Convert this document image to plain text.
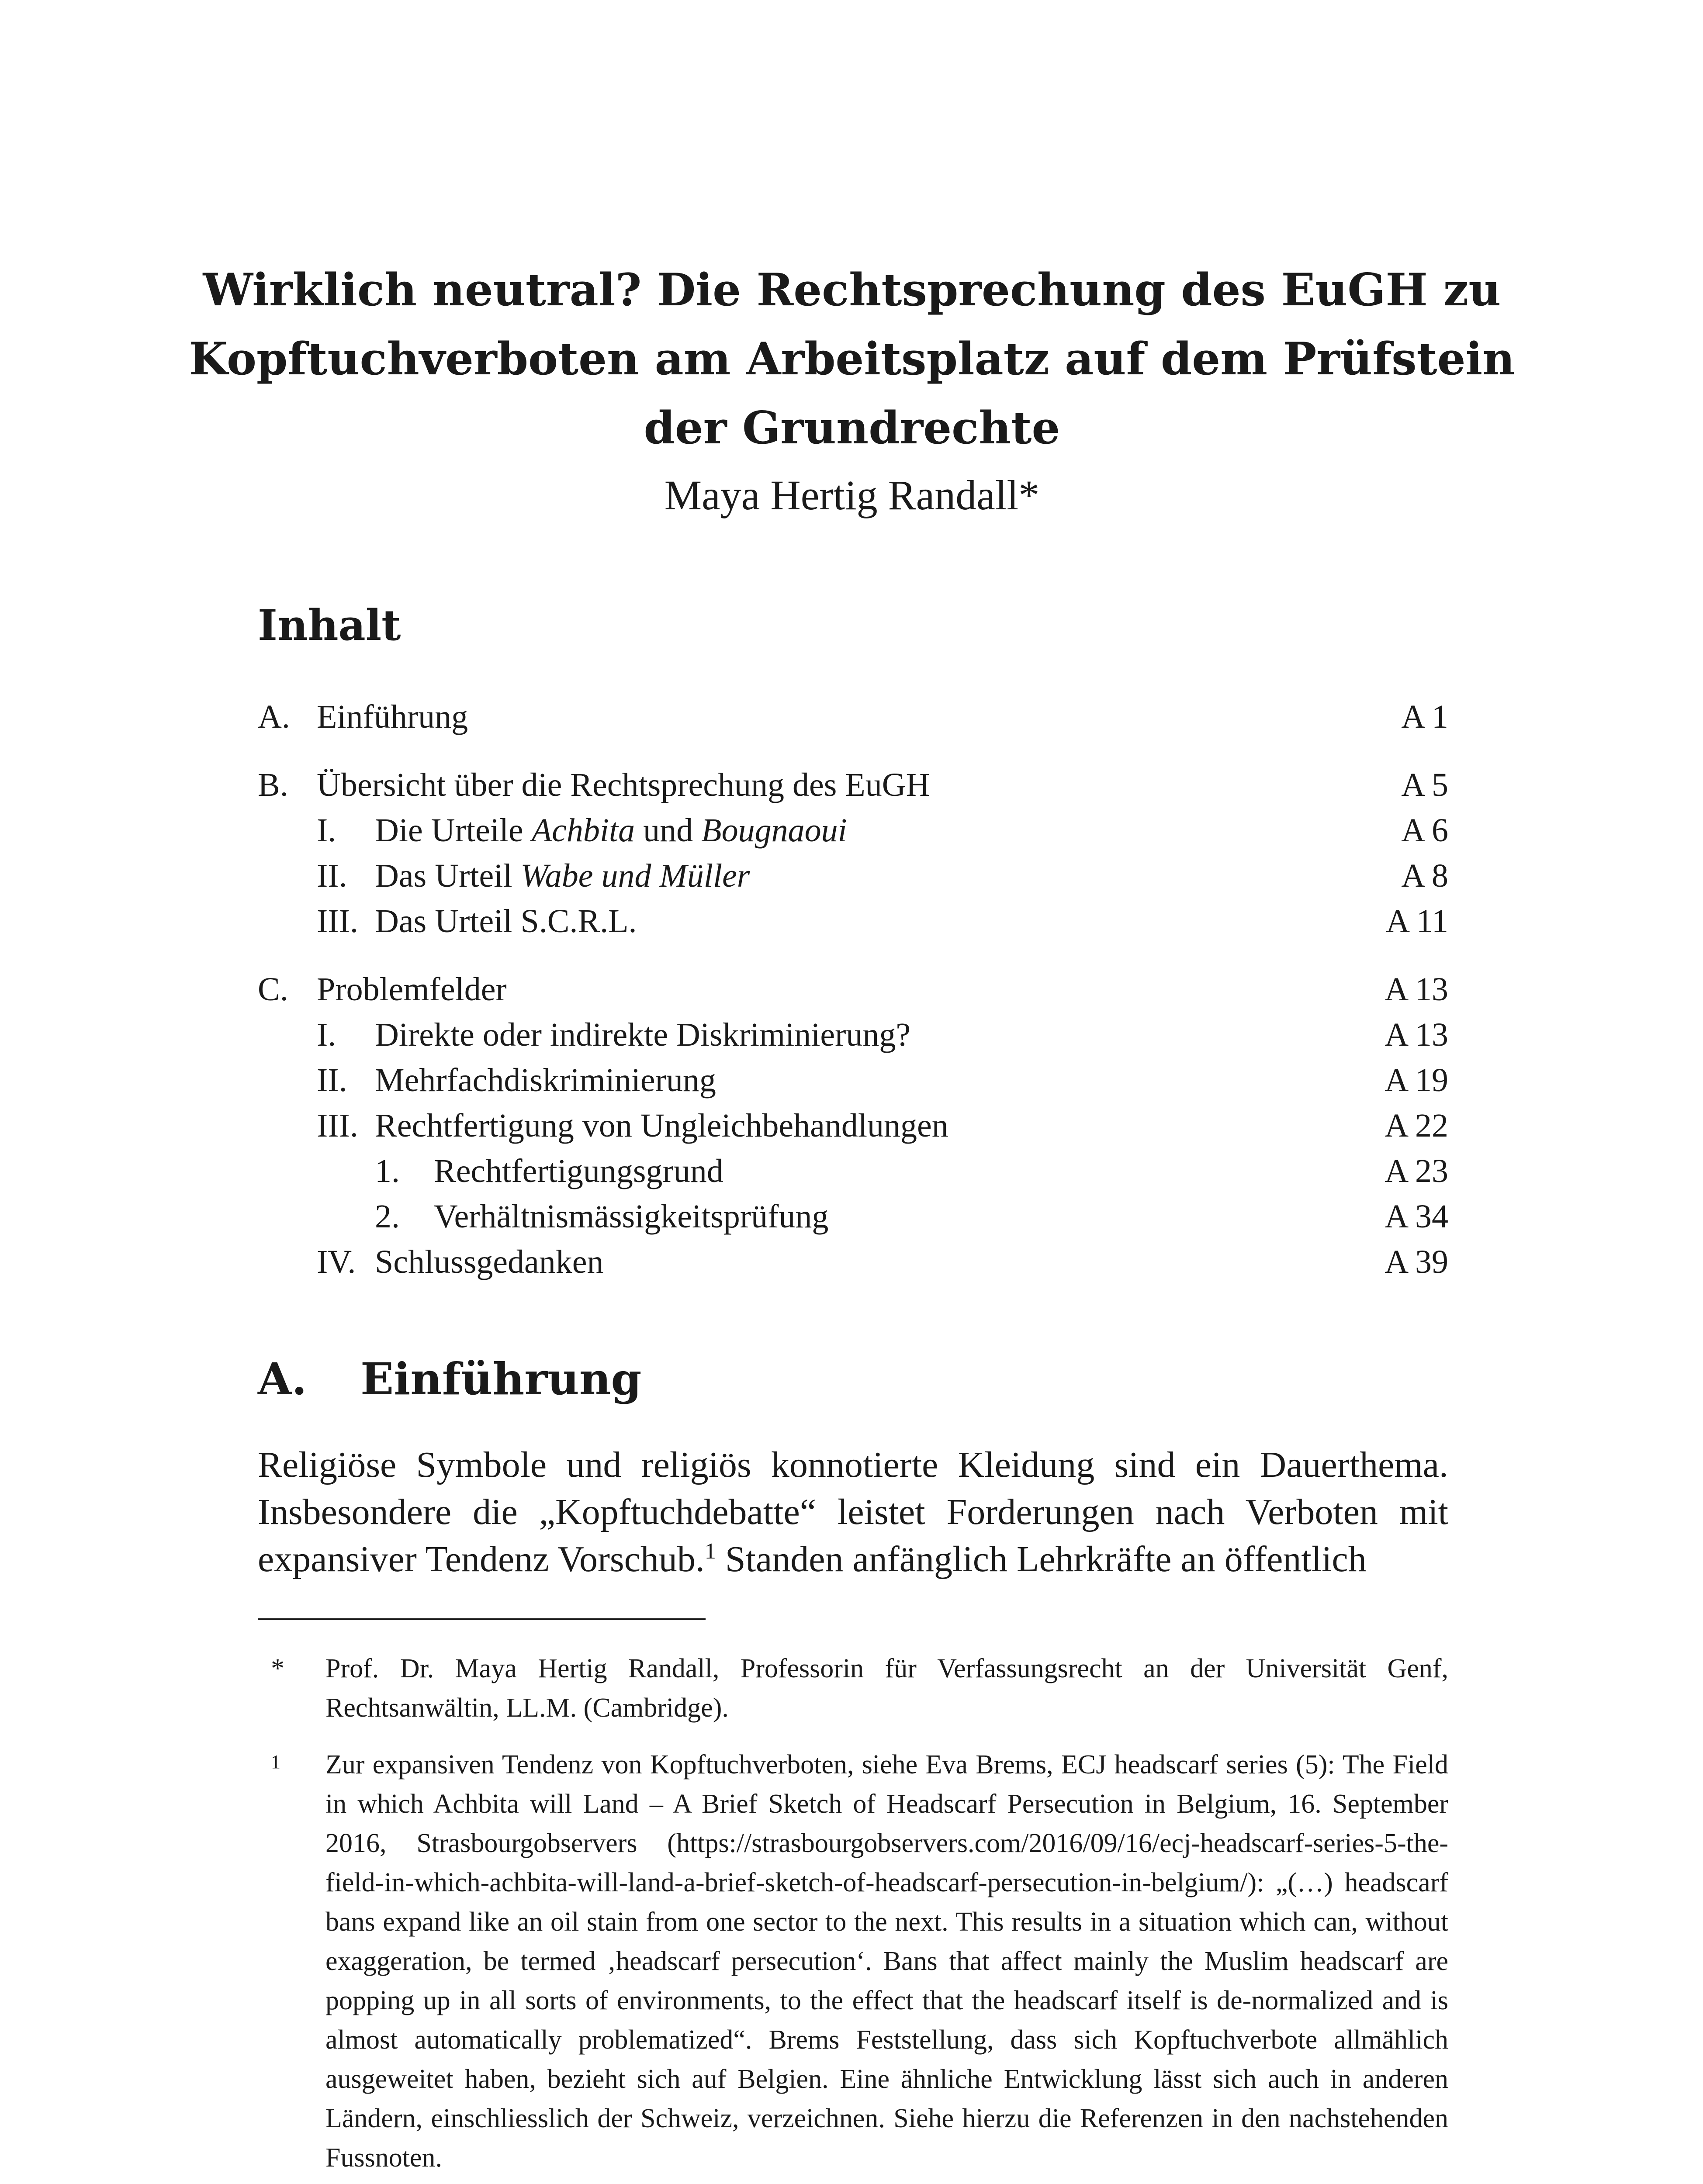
Wirklich neutral? Die Rechtsprechung des EuGH zu Kopftuchverboten am Arbeitsplatz auf dem Prüfstein der Grundrechte
Maya Hertig Randall*
Inhalt
A. Einführung	A 1
B. Übersicht über die Rechtsprechung des EuGH	A 5
I. Die Urteile Achbita und Bougnaoui	A 6
II. Das Urteil Wabe und Müller	A 8
III. Das Urteil S.C.R.L.	A 11
C. Problemfelder	A 13
I. Direkte oder indirekte Diskriminierung?	A 13
II. Mehrfachdiskriminierung	A 19
III. Rechtfertigung von Ungleichbehandlungen	A 22
1. Rechtfertigungsgrund	A 23
2. Verhältnismässigkeitsprüfung	A 34
IV. Schlussgedanken	A 39
A. Einführung

Religiöse Symbole und religiös konnotierte Kleidung sind ein Dauerthema. Insbesondere die „Kopftuchdebatte“ leistet Forderungen nach Verboten mit expansiver Tendenz Vorschub.$^1$ Standen anfänglich Lehrkräfte an öffentlich

* Prof. Dr. Maya Hertig Randall, Professorin für Verfassungsrecht an der Universität Genf, Rechtsanwältin, LL.M. (Cambridge).
1 Zur expansiven Tendenz von Kopftuchverboten, siehe Eva Brems, ECJ headscarf series (5): The Field in which Achbita will Land – A Brief Sketch of Headscarf Persecution in Belgium, 16. September 2016, Strasbourgobservers (https://strasbourgobservers.com/2016/09/16/ecj-headscarf-series-5-the-field-in-which-achbita-will-land-a-brief-sketch-of-headscarf-persecution-in-belgium/): „(…) headscarf bans expand like an oil stain from one sector to the next. This results in a situation which can, without exaggeration, be termed ‚headscarf persecution‘. Bans that affect mainly the Muslim headscarf are popping up in all sorts of environments, to the effect that the headscarf itself is de-normalized and is almost automatically problematized“. Brems Feststellung, dass sich Kopftuchverbote allmählich ausgeweitet haben, bezieht sich auf Belgien. Eine ähnliche Entwicklung lässt sich auch in anderen Ländern, einschliesslich der Schweiz, verzeichnen. Siehe hierzu die Referenzen in den nachstehenden Fussnoten.
